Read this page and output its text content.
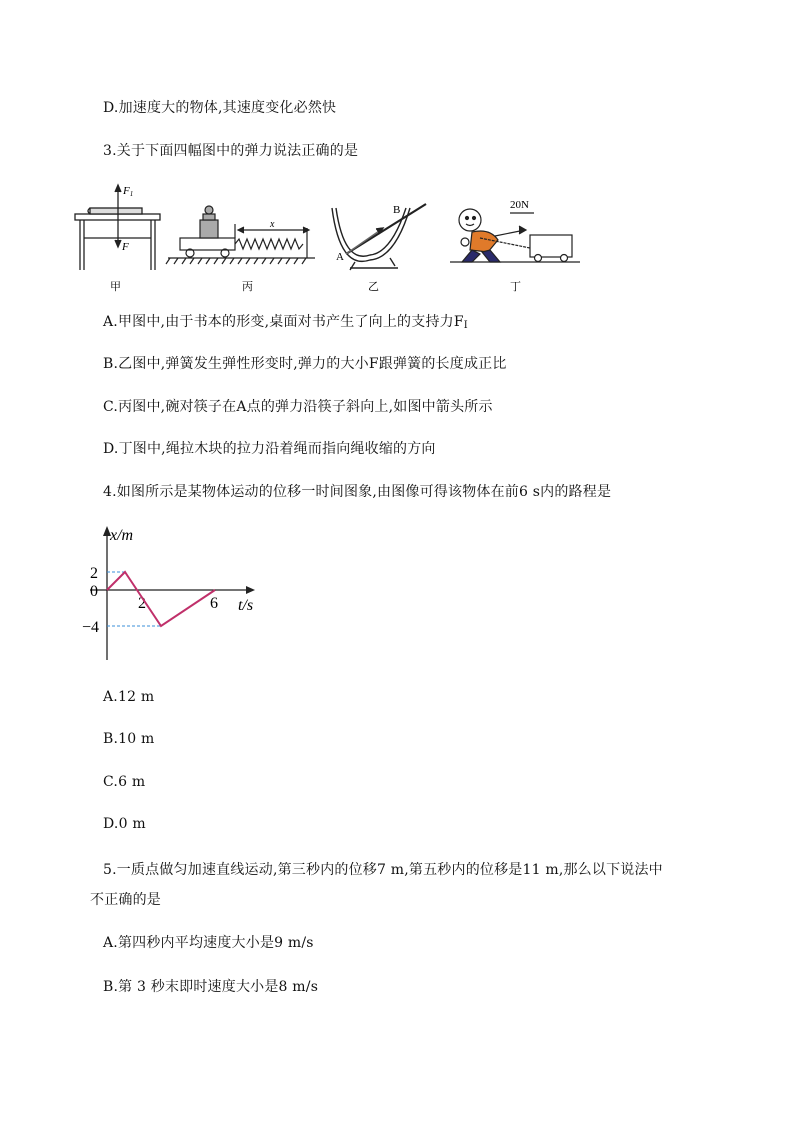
D.加速度大的物体,其速度变化必然快
3.关于下面四幅图中的弹力说法正确的是
F1
F
x
A
B	20N
甲	丙	乙	丁
A.甲图中,由于书本的形变,桌面对书产生了向上的支持力$F_I$
B.乙图中,弹簧发生弹性形变时,弹力的大小F跟弹簧的长度成正比
C.丙图中,碗对筷子在A点的弹力沿筷子斜向上,如图中箭头所示
D.丁图中,绳拉木块的拉力沿着绳而指向绳收缩的方向
4.如图所示是某物体运动的位移一时间图象,由图像可得该物体在前6 s内的路程是
x/m
t/s
0
2	6
2
−4
A.12 m
B.10 m
C.6 m
D.0 m
5.一质点做匀加速直线运动,第三秒内的位移7 m,第五秒内的位移是11 m,那么以下说法中
不正确的是
A.第四秒内平均速度大小是9 m/s
B.第 3 秒末即时速度大小是8 m/s
